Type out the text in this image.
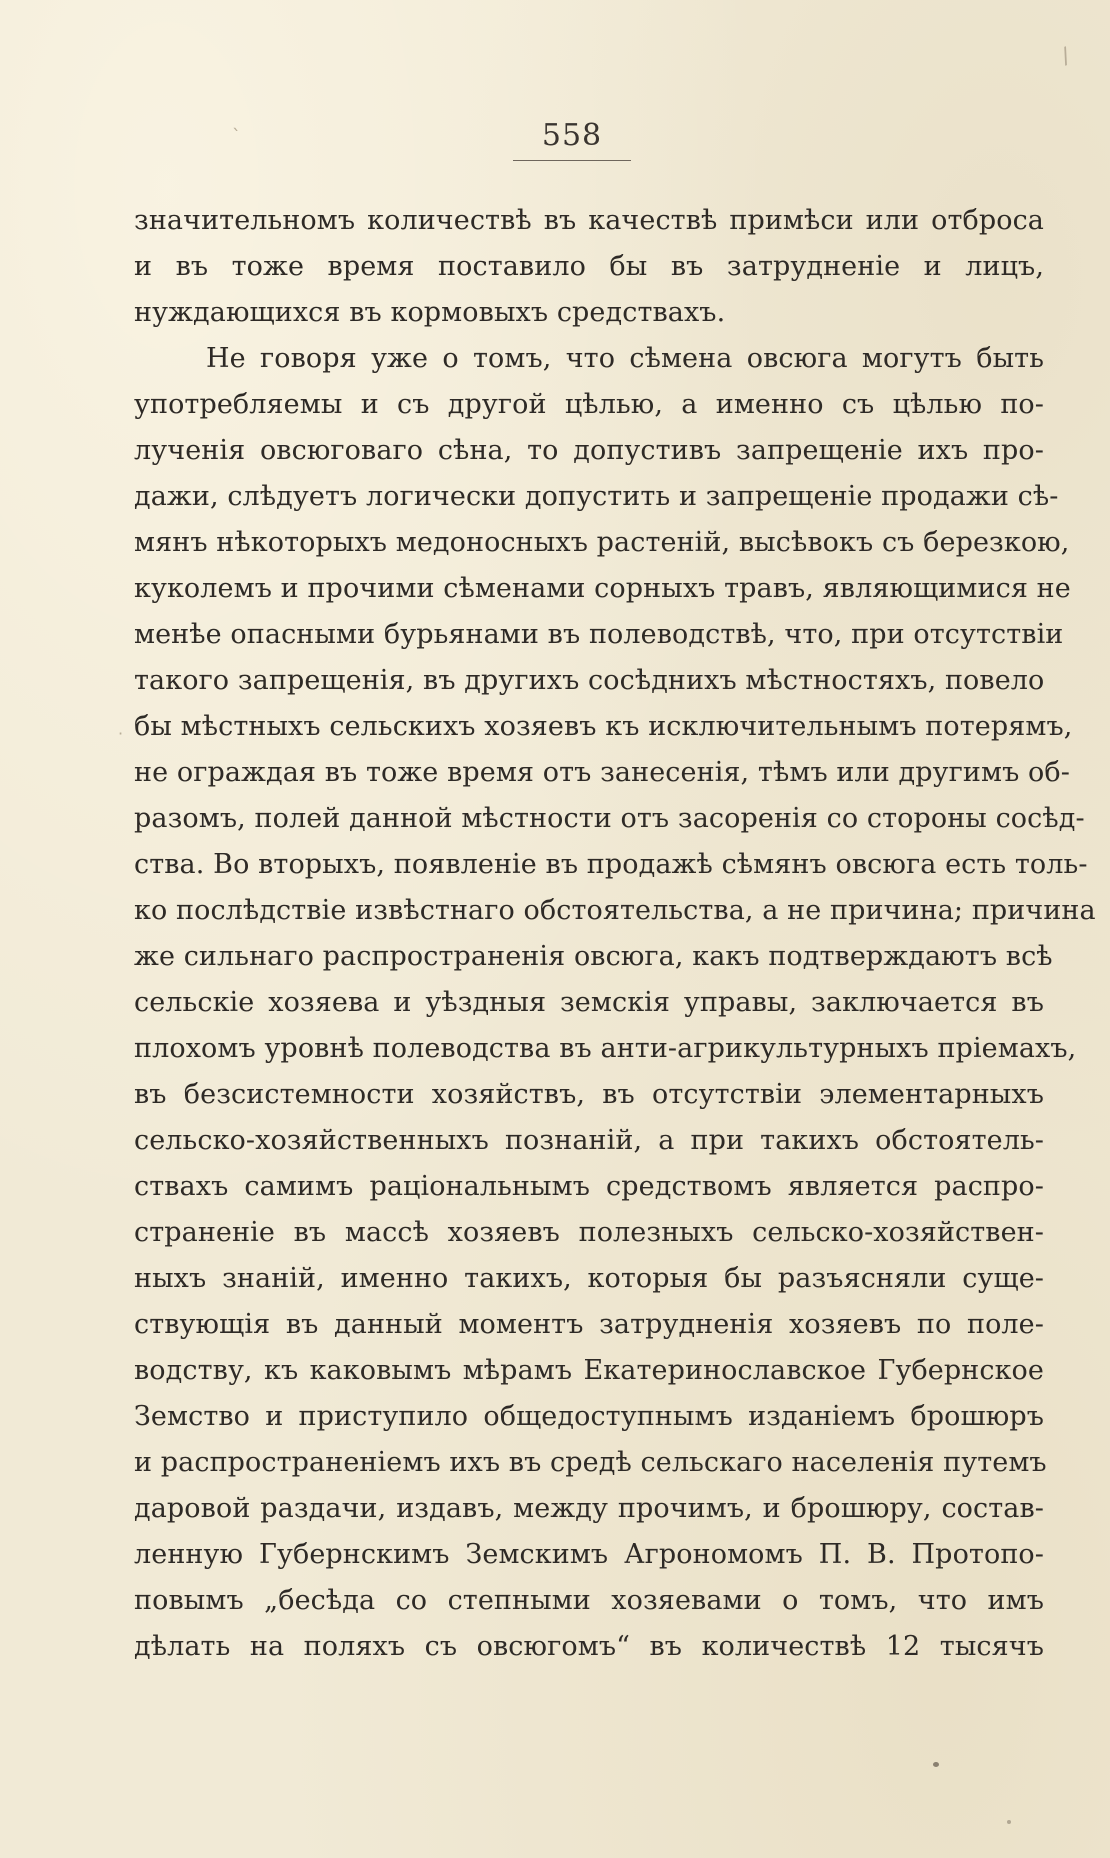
558
значительномъ количествѣ въ качествѣ примѣси или отброса
и въ тоже время поставило бы въ затрудненіе и лицъ,
нуждающихся въ кормовыхъ средствахъ.
Не говоря уже о томъ, что сѣмена овсюга могутъ быть
употребляемы и съ другой цѣлью, а именно съ цѣлью по-
лученія овсюговаго сѣна, то допустивъ запрещеніе ихъ про-
дажи, слѣдуетъ логически допустить и запрещеніе продажи сѣ-
мянъ нѣкоторыхъ медоносныхъ растеній, высѣвокъ съ березкою,
куколемъ и прочими сѣменами сорныхъ травъ, являющимися не
менѣе опасными бурьянами въ полеводствѣ, что, при отсутствіи
такого запрещенія, въ другихъ сосѣднихъ мѣстностяхъ, повело
бы мѣстныхъ сельскихъ хозяевъ къ исключительнымъ потерямъ,
не ограждая въ тоже время отъ занесенія, тѣмъ или другимъ об-
разомъ, полей данной мѣстности отъ засоренія со стороны сосѣд-
ства. Во вторыхъ, появленіе въ продажѣ сѣмянъ овсюга есть толь-
ко послѣдствіе извѣстнаго обстоятельства, а не причина; причина
же сильнаго распространенія овсюга, какъ подтверждаютъ всѣ
сельскіе хозяева и уѣздныя земскія управы, заключается въ
плохомъ уровнѣ полеводства въ анти-агрикультурныхъ пріемахъ,
въ безсистемности хозяйствъ, въ отсутствіи элементарныхъ
сельско-хозяйственныхъ познаній, а при такихъ обстоятель-
ствахъ самимъ раціональнымъ средствомъ является распро-
страненіе въ массѣ хозяевъ полезныхъ сельско-хозяйствен-
ныхъ знаній, именно такихъ, которыя бы разъясняли суще-
ствующія въ данный моментъ затрудненія хозяевъ по поле-
водству, къ каковымъ мѣрамъ Екатеринославское Губернское
Земство и приступило общедоступнымъ изданіемъ брошюръ
и распространеніемъ ихъ въ средѣ сельскаго населенія путемъ
даровой раздачи, издавъ, между прочимъ, и брошюру, состав-
ленную Губернскимъ Земскимъ Агрономомъ П. В. Протопо-
повымъ „бесѣда со степными хозяевами о томъ, что имъ
дѣлать на поляхъ съ овсюгомъ“ въ количествѣ 12 тысячъ
ˋ
/
·
